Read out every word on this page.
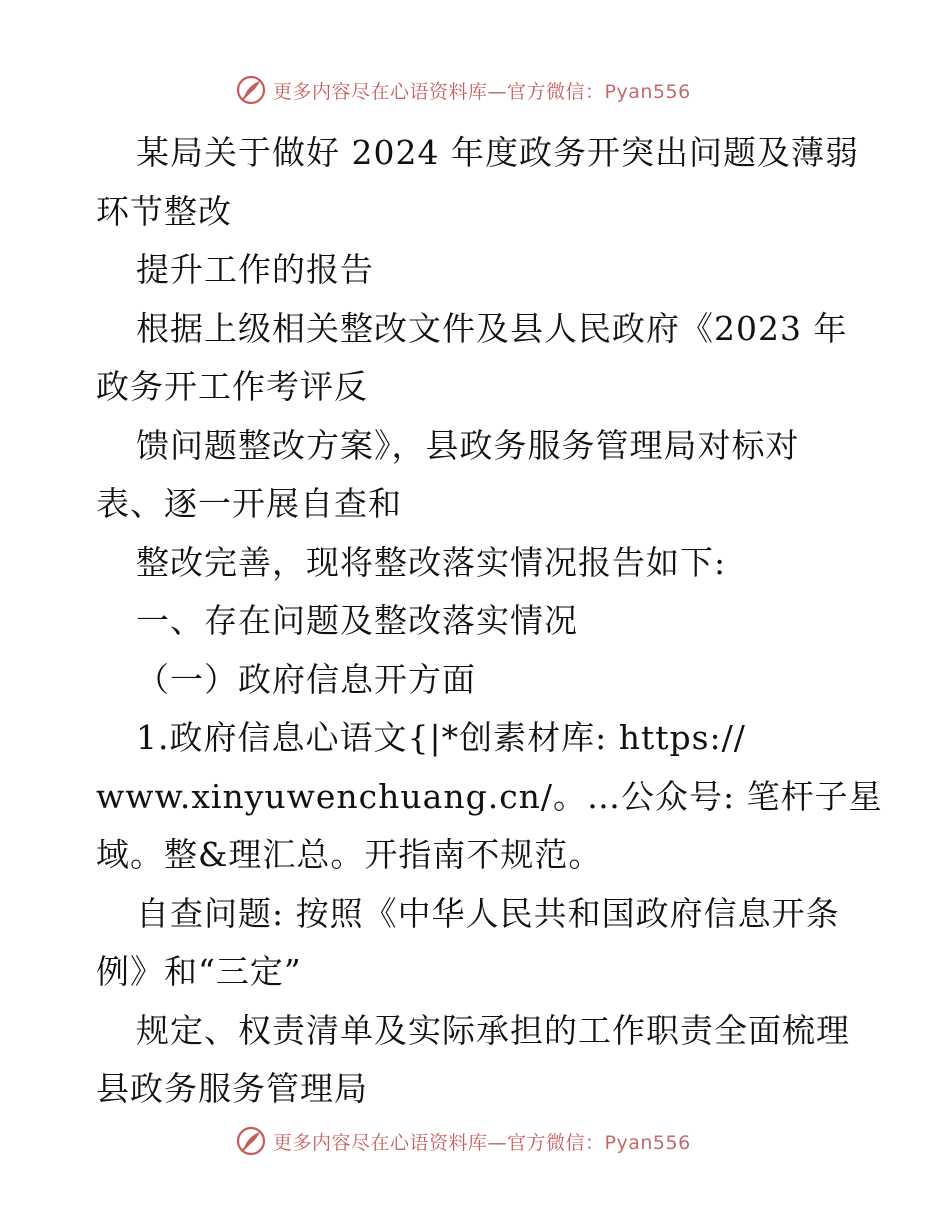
更多内容尽在心语资料库—官方微信：Pyan556
某局关于做好 2024 年度政务开突出问题及薄弱
环节整改
提升工作的报告
根据上级相关整改文件及县人民政府《2023 年
政务开工作考评反
馈问题整改方案》，县政务服务管理局对标对
表、逐一开展自查和
整改完善，现将整改落实情况报告如下:
一、存在问题及整改落实情况
（一）政府信息开方面
1.政府信息心语文{|*创素材库: https://
www.xinyuwenchuang.cn/。…公众号: 笔杆子星
域。整&理汇总。开指南不规范。
自查问题: 按照《中华人民共和国政府信息开条
例》和“三定”
规定、权责清单及实际承担的工作职责全面梳理
县政务服务管理局
更多内容尽在心语资料库—官方微信：Pyan556
